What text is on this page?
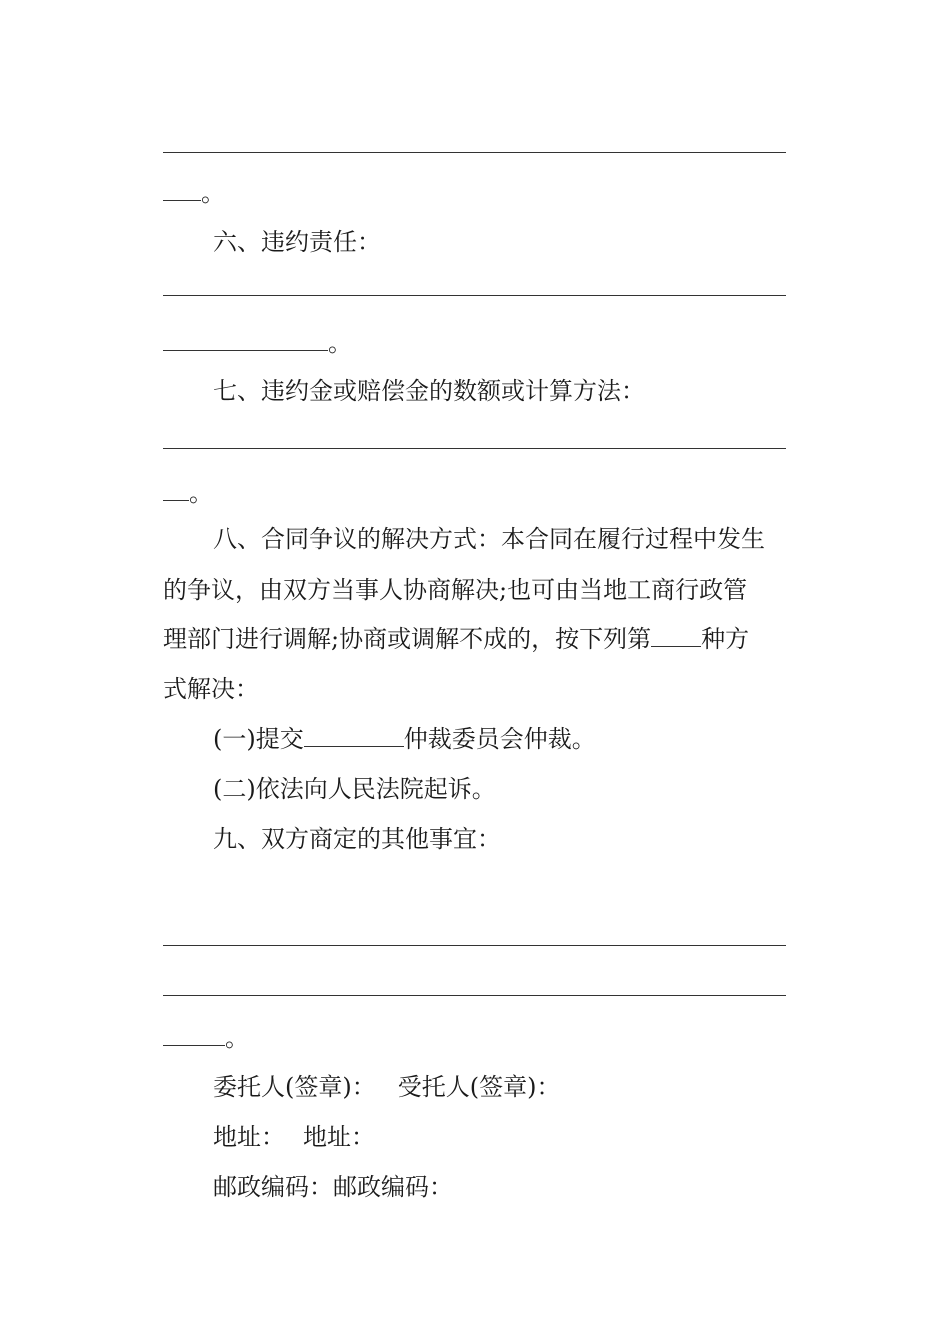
。
六、违约责任：
。
七、违约金或赔偿金的数额或计算方法：
。
八、合同争议的解决方式：本合同在履行过程中发生
的争议，由双方当事人协商解决;也可由当地工商行政管
理部门进行调解;协商或调解不成的，按下列第 种方
式解决：
(一)提交	仲裁委员会仲裁。
(二)依法向人民法院起诉。
九、双方商定的其他事宜：
。
委托人(签章)： 受托人(签章)：
地址： 地址：
邮政编码：邮政编码：
